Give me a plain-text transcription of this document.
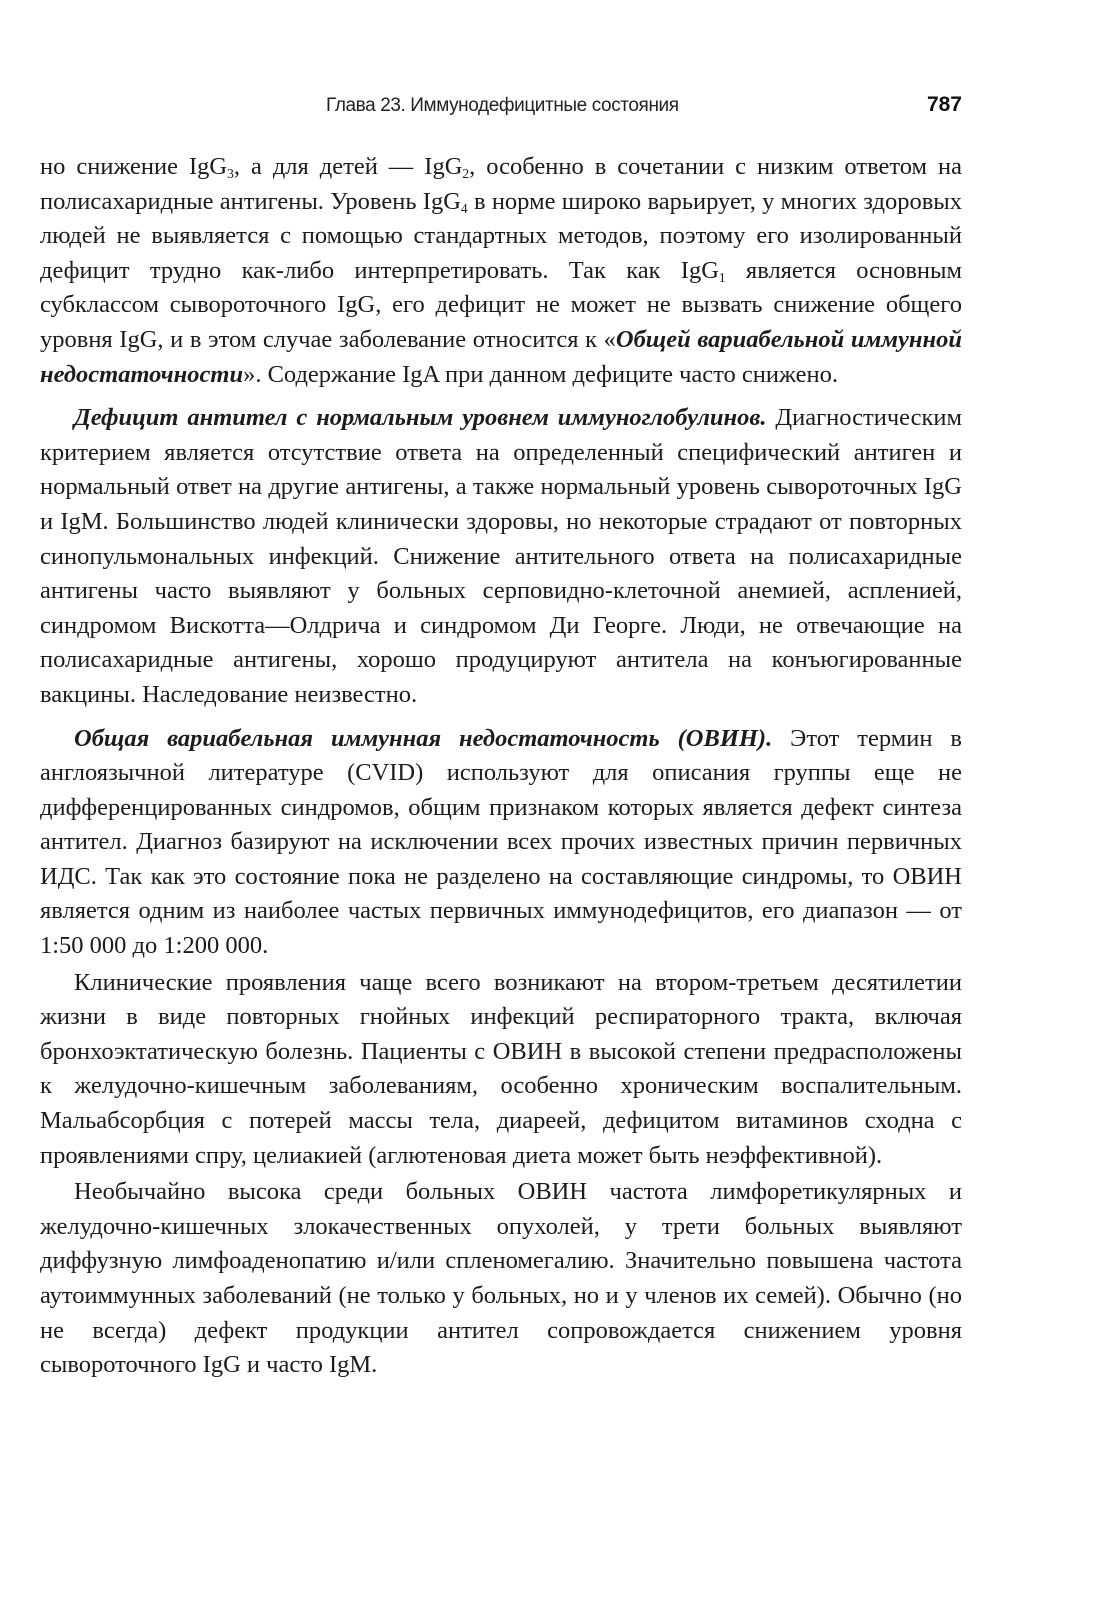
Глава 23. Иммунодефицитные состояния	787

но снижение IgG$_3$, а для детей — IgG$_2$, особенно в сочетании с низким ответом на полисахаридные антигены. Уровень IgG$_4$ в норме широко варьирует, у многих здоровых людей не выявляется с помощью стандартных методов, поэтому его изолированный дефицит трудно как-либо интерпретировать. Так как IgG$_1$ является основным субклассом сывороточного IgG, его дефицит не может не вызвать снижение общего уровня IgG, и в этом случае заболевание относится к «Общей вариабельной иммунной недостаточности». Содержание IgA при данном дефиците часто снижено.

Дефицит антител с нормальным уровнем иммуноглобулинов. Диагностическим критерием является отсутствие ответа на определенный специфический антиген и нормальный ответ на другие антигены, а также нормальный уровень сывороточных IgG и IgM. Большинство людей клинически здоровы, но некоторые страдают от повторных синопульмональных инфекций. Снижение антительного ответа на полисахаридные антигены часто выявляют у больных серповидно-клеточной анемией, аспленией, синдромом Вискотта—Олдрича и синдромом Ди Георге. Люди, не отвечающие на полисахаридные антигены, хорошо продуцируют антитела на конъюгированные вакцины. Наследование неизвестно.

Общая вариабельная иммунная недостаточность (ОВИН). Этот термин в англоязычной литературе (CVID) используют для описания группы еще не дифференцированных синдромов, общим признаком которых является дефект синтеза антител. Диагноз базируют на исключении всех прочих известных причин первичных ИДС. Так как это состояние пока не разделено на составляющие синдромы, то ОВИН является одним из наиболее частых первичных иммунодефицитов, его диапазон — от 1:50 000 до 1:200 000.

Клинические проявления чаще всего возникают на втором-третьем десятилетии жизни в виде повторных гнойных инфекций респираторного тракта, включая бронхоэктатическую болезнь. Пациенты с ОВИН в высокой степени предрасположены к желудочно-кишечным заболеваниям, особенно хроническим воспалительным. Мальабсорбция с потерей массы тела, диареей, дефицитом витаминов сходна с проявлениями спру, целиакией (аглютеновая диета может быть неэффективной).

Необычайно высока среди больных ОВИН частота лимфоретикулярных и желудочно-кишечных злокачественных опухолей, у трети больных выявляют диффузную лимфоаденопатию и/или спленомегалию. Значительно повышена частота аутоиммунных заболеваний (не только у больных, но и у членов их семей). Обычно (но не всегда) дефект продукции антител сопровождается снижением уровня сывороточного IgG и часто IgM.
